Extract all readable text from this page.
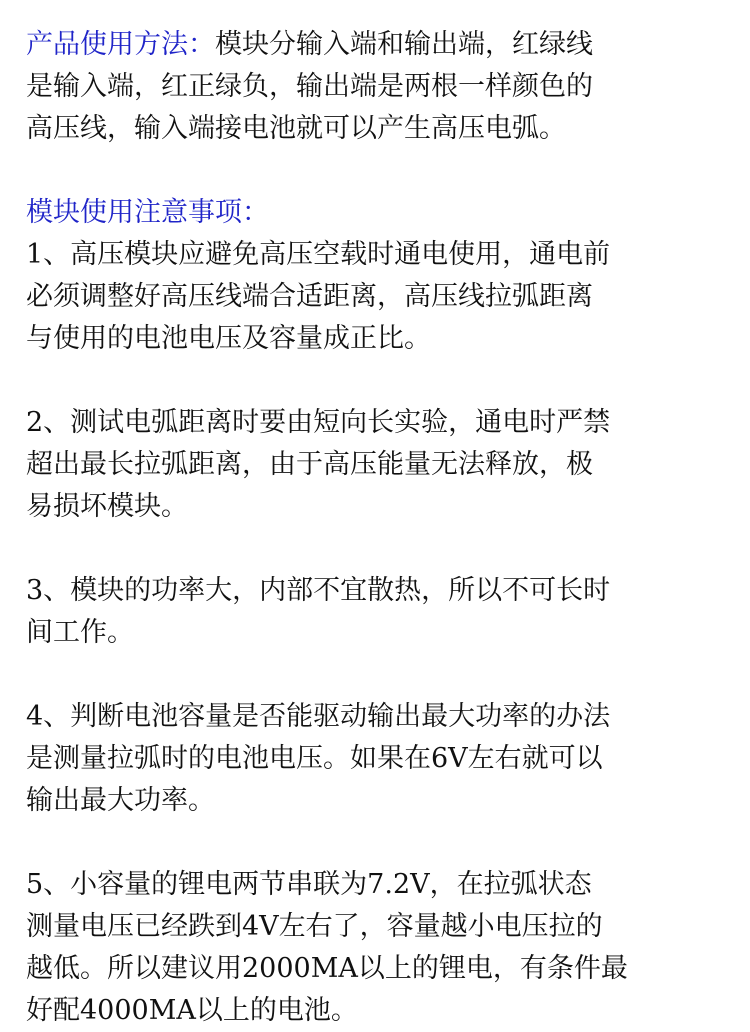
产品使用方法：模块分输入端和输出端，红绿线

是输入端，红正绿负，输出端是两根一样颜色的

高压线，输入端接电池就可以产生高压电弧。

模块使用注意事项：

1、高压模块应避免高压空载时通电使用，通电前

必须调整好高压线端合适距离，高压线拉弧距离

与使用的电池电压及容量成正比。

2、测试电弧距离时要由短向长实验，通电时严禁

超出最长拉弧距离，由于高压能量无法释放，极

易损坏模块。

3、模块的功率大，内部不宜散热，所以不可长时

间工作。

4、判断电池容量是否能驱动输出最大功率的办法

是测量拉弧时的电池电压。如果在6V左右就可以

输出最大功率。

5、小容量的锂电两节串联为7.2V，在拉弧状态

测量电压已经跌到4V左右了，容量越小电压拉的

越低。所以建议用2000MA以上的锂电，有条件最

好配4000MA以上的电池。
